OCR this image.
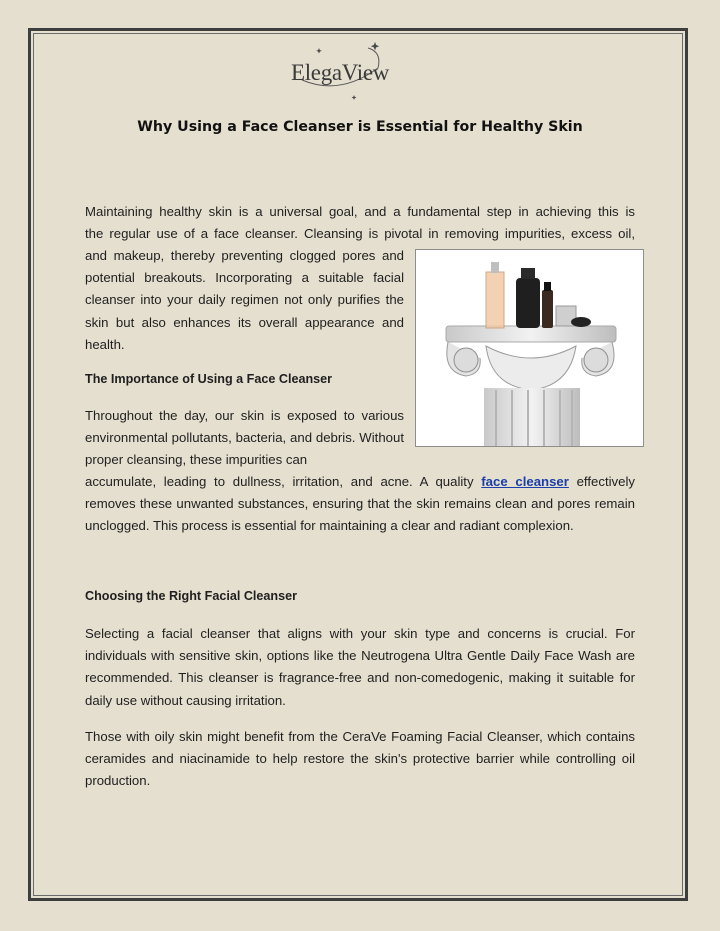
ElegaView
Why Using a Face Cleanser is Essential for Healthy Skin

Maintaining healthy skin is a universal goal, and a fundamental step in achieving this is

the regular use of a face cleanser. Cleansing is pivotal in removing impurities, excess oil,

and makeup, thereby preventing clogged pores and potential breakouts. Incorporating a suitable facial cleanser into your daily regimen not only purifies the skin but also enhances its overall appearance and health.

The Importance of Using a Face Cleanser

Throughout the day, our skin is exposed to various environmental pollutants, bacteria, and debris. Without proper cleansing, these impurities can

accumulate, leading to dullness, irritation, and acne. A quality face cleanser effectively removes these unwanted substances, ensuring that the skin remains clean and pores remain unclogged. This process is essential for maintaining a clear and radiant complexion.

Choosing the Right Facial Cleanser

Selecting a facial cleanser that aligns with your skin type and concerns is crucial. For individuals with sensitive skin, options like the Neutrogena Ultra Gentle Daily Face Wash are recommended. This cleanser is fragrance-free and non-comedogenic, making it suitable for daily use without causing irritation.

Those with oily skin might benefit from the CeraVe Foaming Facial Cleanser, which contains ceramides and niacinamide to help restore the skin's protective barrier while controlling oil production.
